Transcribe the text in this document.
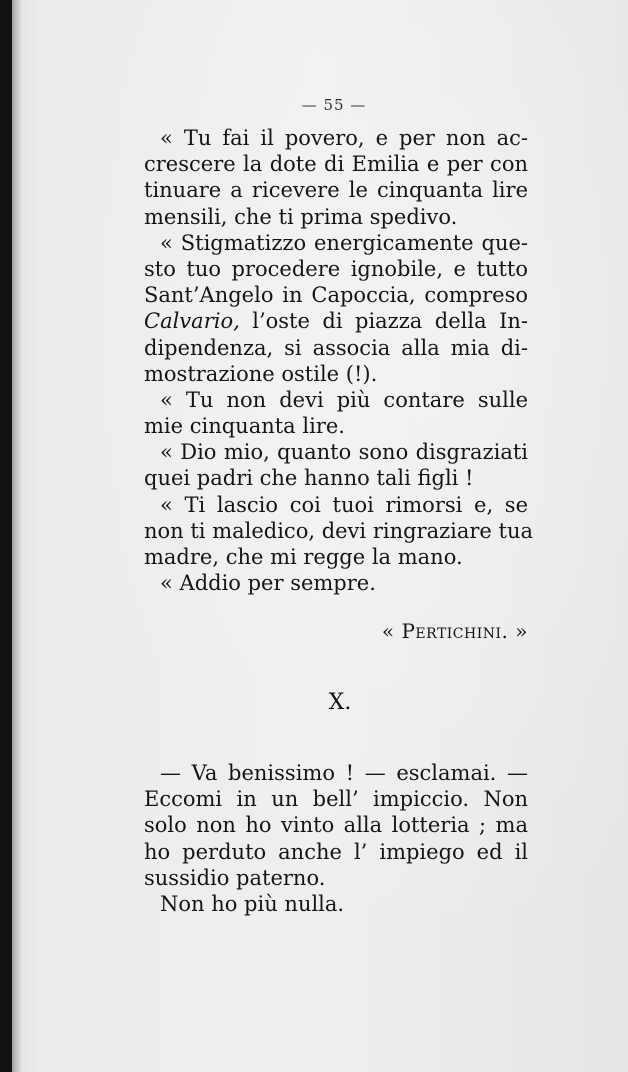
— 55 —
« Tu fai il povero, e per non ac-
crescere la dote di Emilia e per con
tinuare a ricevere le cinquanta lire
mensili, che ti prima spedivo.
« Stigmatizzo energicamente que-
sto tuo procedere ignobile, e tutto
Sant’Angelo in Capoccia, compreso
Calvario, l’oste di piazza della In-
dipendenza, si associa alla mia di-
mostrazione ostile (!).
« Tu non devi più contare sulle
mie cinquanta lire.
« Dio mio, quanto sono disgraziati
quei padri che hanno tali figli !
« Ti lascio coi tuoi rimorsi e, se
non ti maledico, devi ringraziare tua
madre, che mi regge la mano.
« Addio per sempre.
« Pertichini. »
X.
— Va benissimo ! — esclamai. —
Eccomi in un bell’ impiccio. Non
solo non ho vinto alla lotteria ; ma
ho perduto anche l’ impiego ed il
sussidio paterno.
Non ho più nulla.
